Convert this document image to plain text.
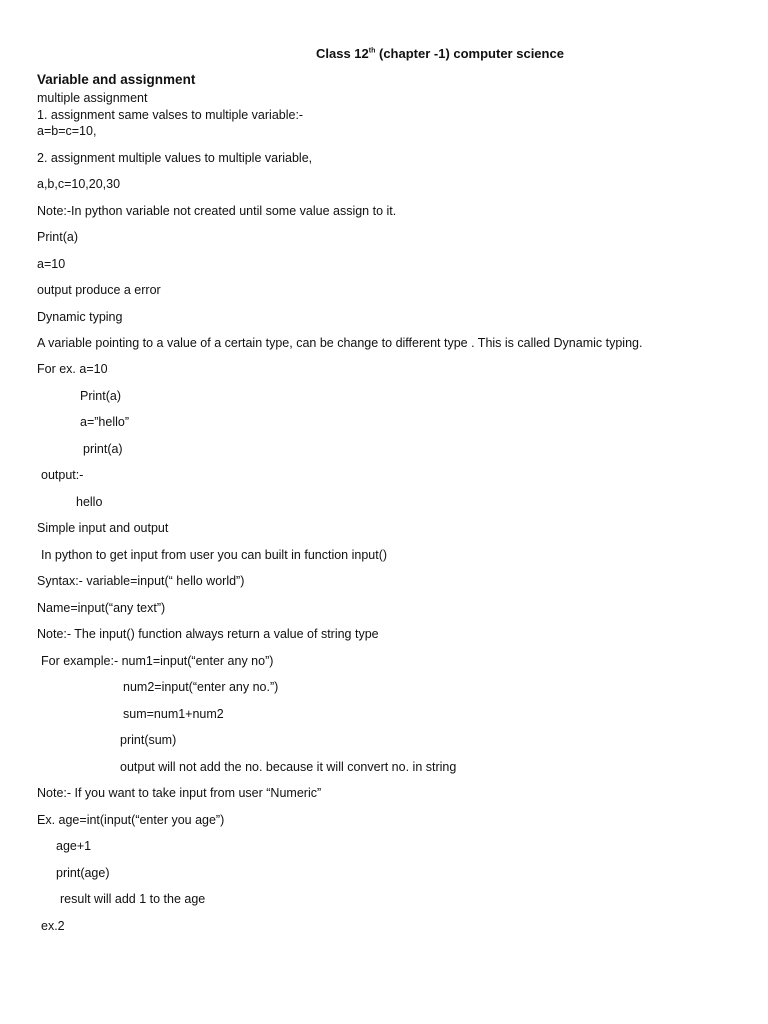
Class 12th (chapter -1) computer science
Variable and assignment
multiple assignment
1. assignment same valses to multiple variable:-
a=b=c=10,
2. assignment multiple values to multiple variable,
a,b,c=10,20,30
Note:-In python variable not created until some value assign to it.
Print(a)
a=10
output produce a error
Dynamic typing
A variable pointing to a value of a certain type, can be change to different type . This is called Dynamic typing.
For ex. a=10
Print(a)
a=”hello”
print(a)
output:-
hello
Simple input and output
In python to get input from user you can built in function input()
Syntax:- variable=input(“ hello world”)
Name=input(“any text”)
Note:- The input() function always return a value of string type
For example:- num1=input(“enter any no”)
num2=input(“enter any no.”)
sum=num1+num2
print(sum)
output will not add the no. because it will convert no. in string
Note:- If you want to take input from user “Numeric”
Ex. age=int(input(“enter you age”)
age+1
print(age)
result will add 1 to the age
ex.2
